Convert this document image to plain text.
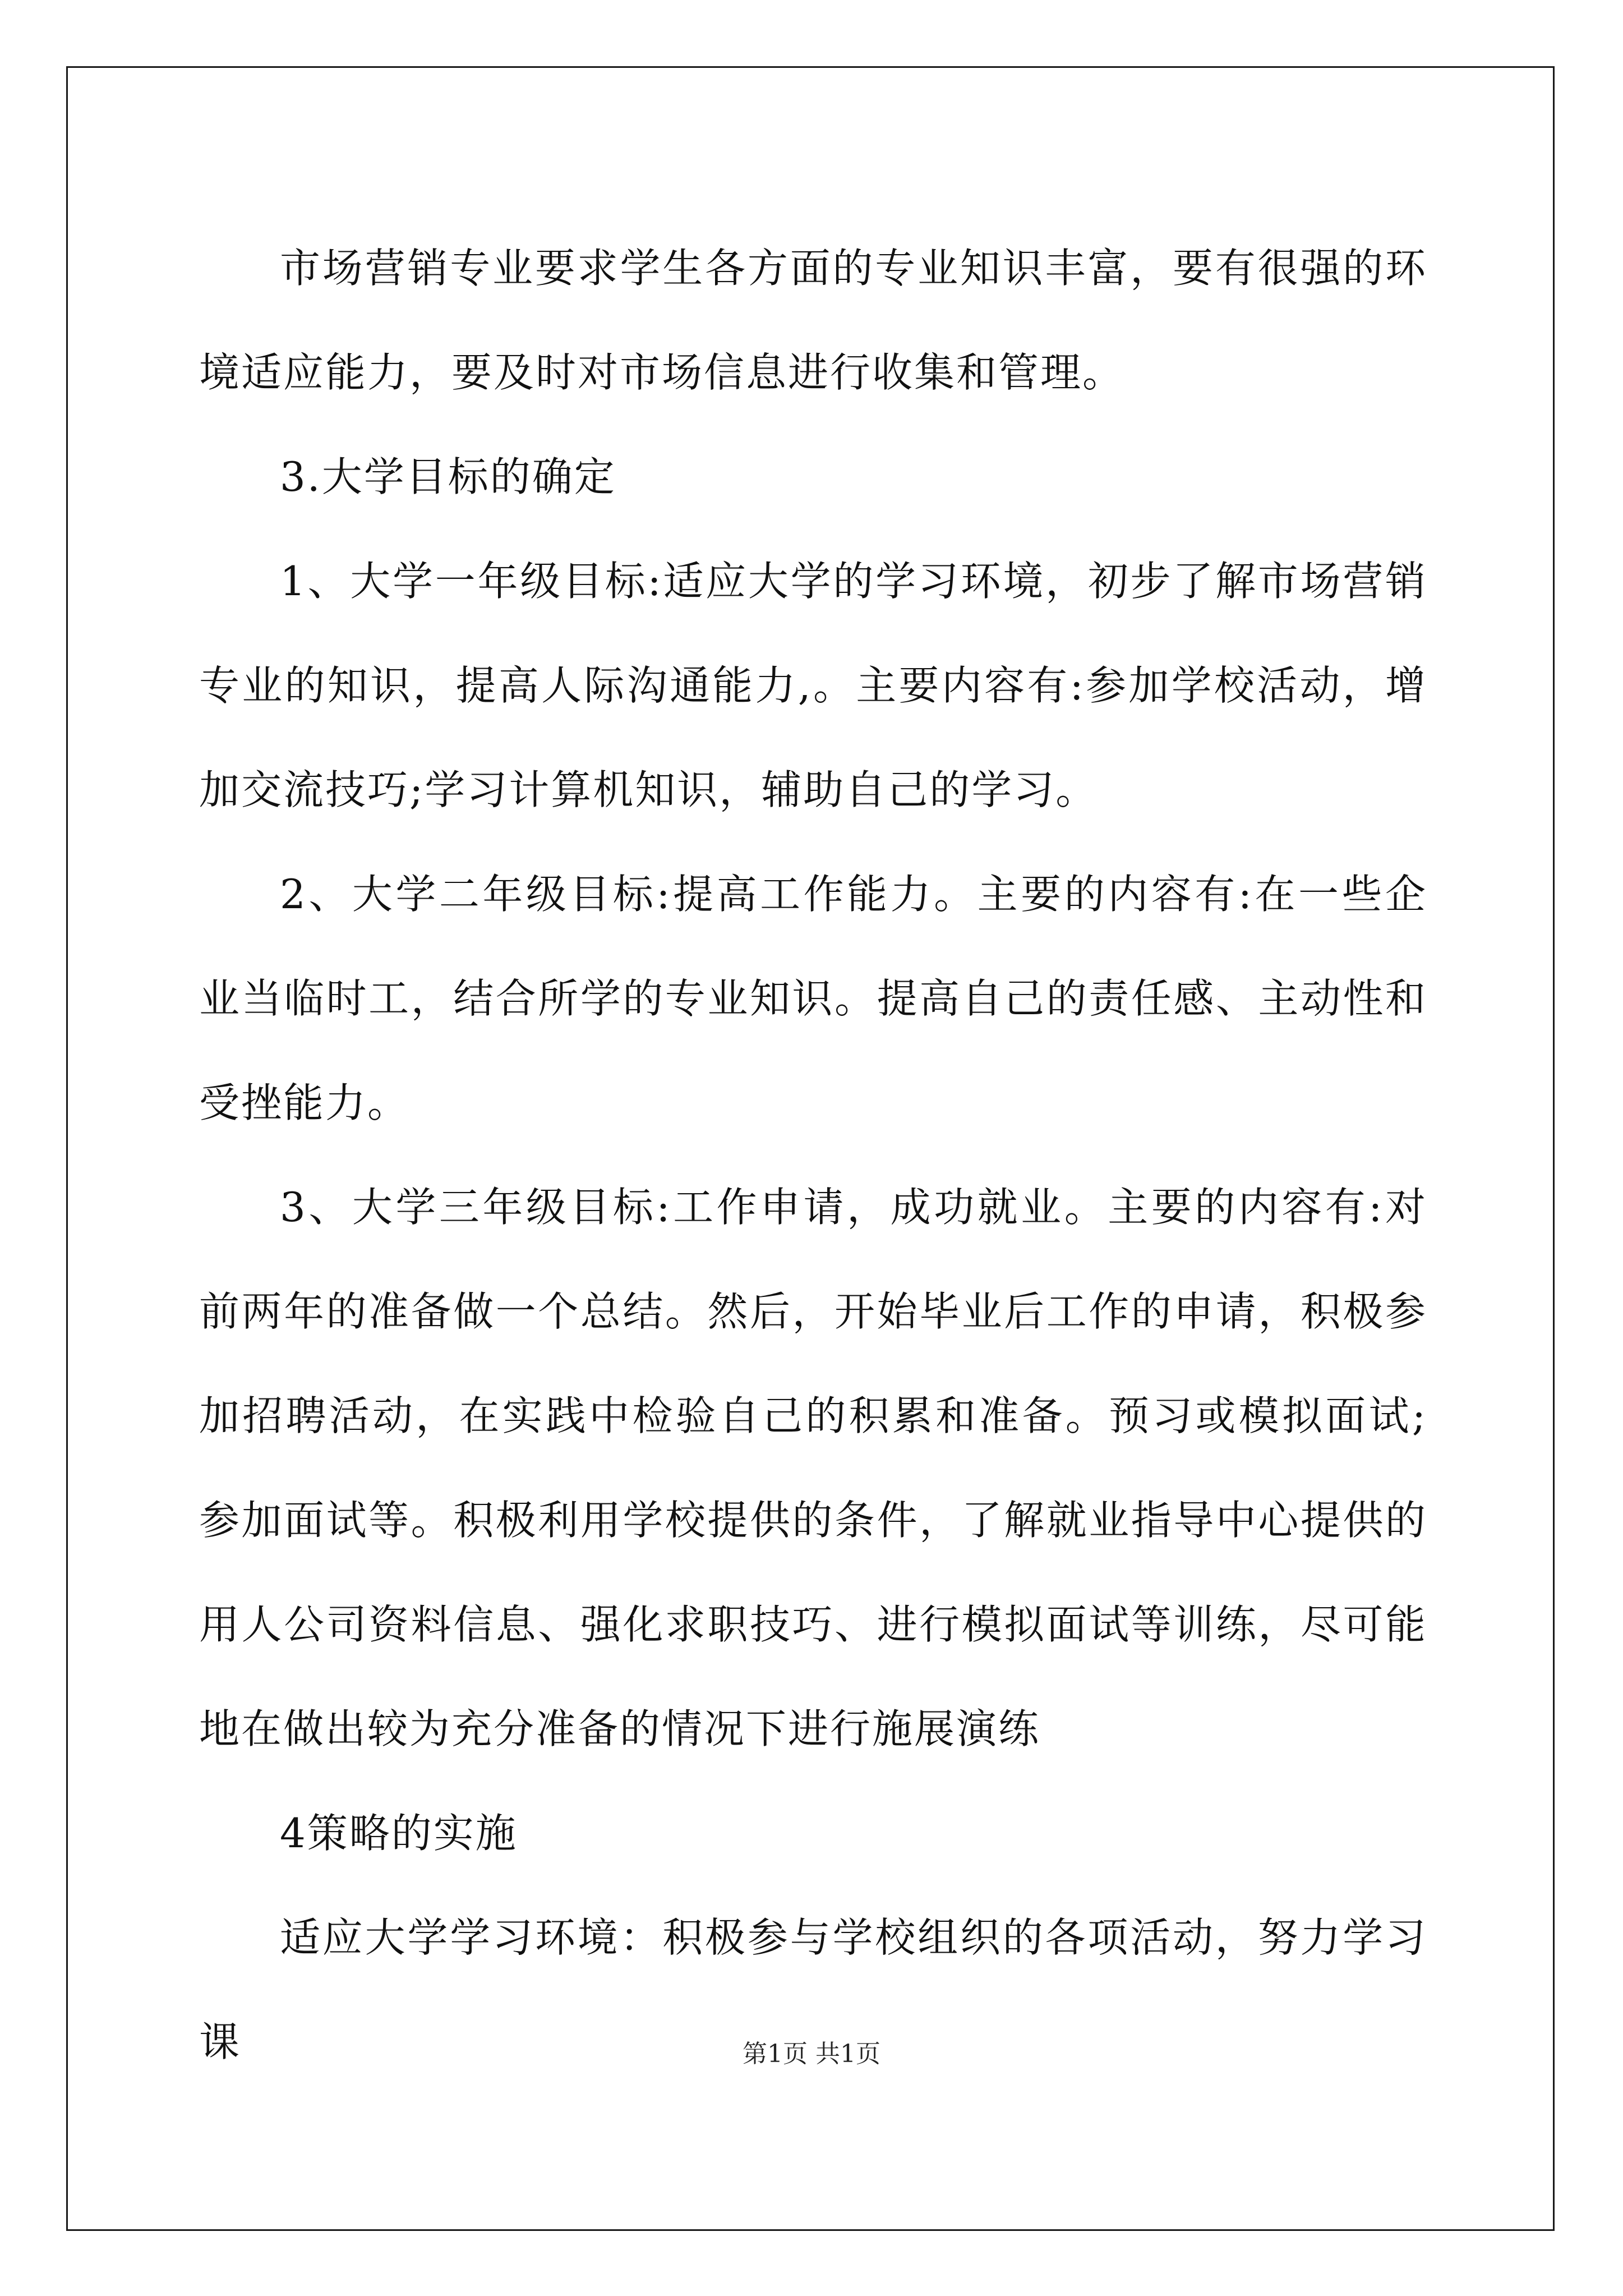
市场营销专业要求学生各方面的专业知识丰富，要有很强的环境适应能力，要及时对市场信息进行收集和管理。

3.大学目标的确定

1、大学一年级目标:适应大学的学习环境，初步了解市场营销专业的知识，提高人际沟通能力,。主要内容有:参加学校活动，增加交流技巧;学习计算机知识，辅助自己的学习。

2、大学二年级目标:提高工作能力。主要的内容有:在一些企业当临时工，结合所学的专业知识。提高自己的责任感、主动性和受挫能力。

3、大学三年级目标:工作申请，成功就业。主要的内容有:对前两年的准备做一个总结。然后，开始毕业后工作的申请，积极参加招聘活动，在实践中检验自己的积累和准备。预习或模拟面试;参加面试等。积极利用学校提供的条件，了解就业指导中心提供的用人公司资料信息、强化求职技巧、进行模拟面试等训练，尽可能地在做出较为充分准备的情况下进行施展演练

4策略的实施

适应大学学习环境：积极参与学校组织的各项活动，努力学习课	第1页 共1页
